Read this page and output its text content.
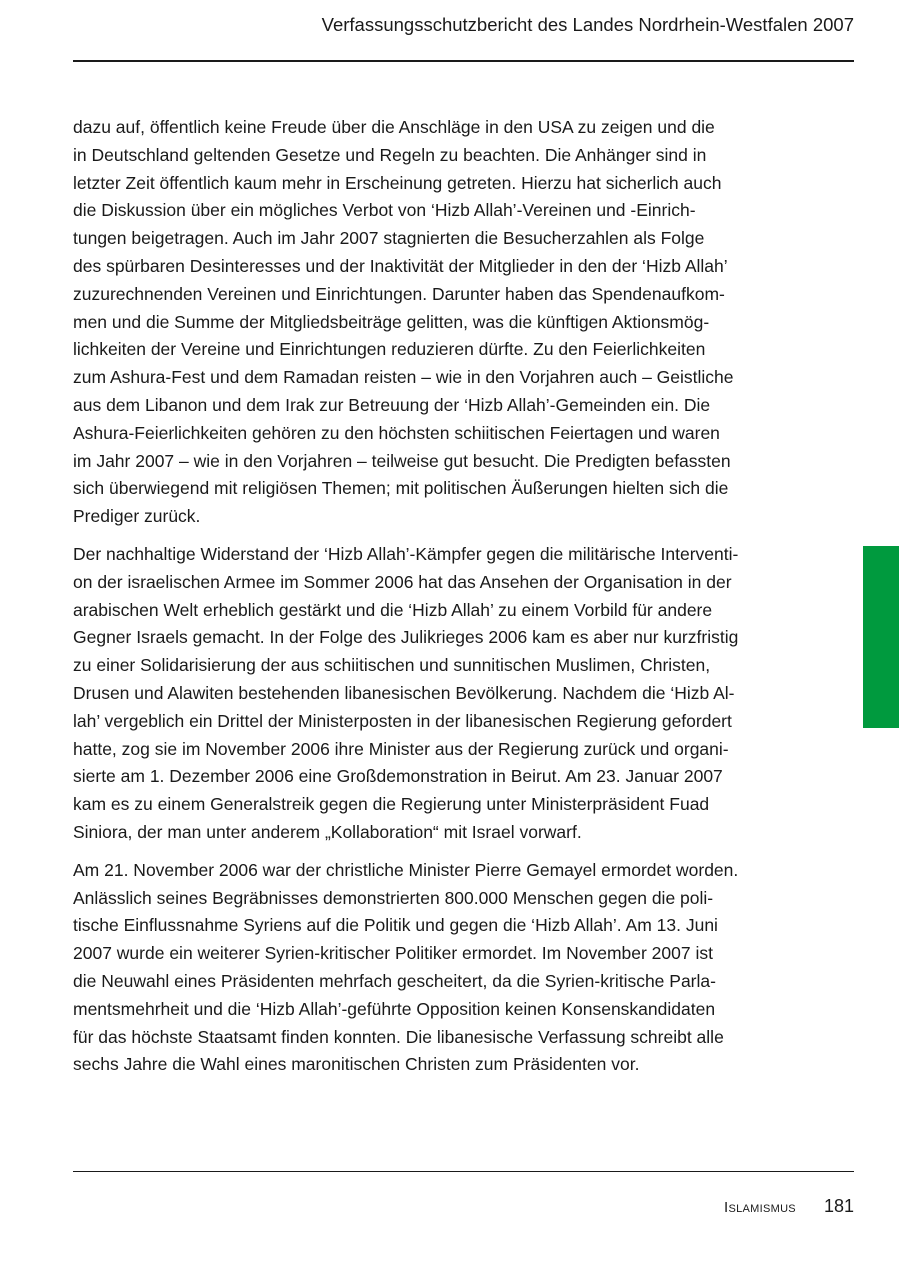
Verfassungsschutzbericht des Landes Nordrhein-Westfalen 2007

dazu auf, öffentlich keine Freude über die Anschläge in den USA zu zeigen und die
in Deutschland geltenden Gesetze und Regeln zu beachten. Die Anhänger sind in
letzter Zeit öffentlich kaum mehr in Erscheinung getreten. Hierzu hat sicherlich auch
die Diskussion über ein mögliches Verbot von ‘Hizb Allah’-Vereinen und -Einrich-
tungen beigetragen. Auch im Jahr 2007 stagnierten die Besucherzahlen als Folge
des spürbaren Desinteresses und der Inaktivität der Mitglieder in den der ‘Hizb Allah’
zuzurechnenden Vereinen und Einrichtungen. Darunter haben das Spendenaufkom-
men und die Summe der Mitgliedsbeiträge gelitten, was die künftigen Aktionsmög-
lichkeiten der Vereine und Einrichtungen reduzieren dürfte. Zu den Feierlichkeiten
zum Ashura-Fest und dem Ramadan reisten – wie in den Vorjahren auch – Geistliche
aus dem Libanon und dem Irak zur Betreuung der ‘Hizb Allah’-Gemeinden ein. Die
Ashura-Feierlichkeiten gehören zu den höchsten schiitischen Feiertagen und waren
im Jahr 2007 – wie in den Vorjahren – teilweise gut besucht. Die Predigten befassten
sich überwiegend mit religiösen Themen; mit politischen Äußerungen hielten sich die
Prediger zurück.

Der nachhaltige Widerstand der ‘Hizb Allah’-Kämpfer gegen die militärische Interventi-
on der israelischen Armee im Sommer 2006 hat das Ansehen der Organisation in der
arabischen Welt erheblich gestärkt und die ‘Hizb Allah’ zu einem Vorbild für andere
Gegner Israels gemacht. In der Folge des Julikrieges 2006 kam es aber nur kurzfristig
zu einer Solidarisierung der aus schiitischen und sunnitischen Muslimen, Christen,
Drusen und Alawiten bestehenden libanesischen Bevölkerung. Nachdem die ‘Hizb Al-
lah’ vergeblich ein Drittel der Ministerposten in der libanesischen Regierung gefordert
hatte, zog sie im November 2006 ihre Minister aus der Regierung zurück und organi-
sierte am 1. Dezember 2006 eine Großdemonstration in Beirut. Am 23. Januar 2007
kam es zu einem Generalstreik gegen die Regierung unter Ministerpräsident Fuad
Siniora, der man unter anderem „Kollaboration“ mit Israel vorwarf.

Am 21. November 2006 war der christliche Minister Pierre Gemayel ermordet worden.
Anlässlich seines Begräbnisses demonstrierten 800.000 Menschen gegen die poli-
tische Einflussnahme Syriens auf die Politik und gegen die ‘Hizb Allah’. Am 13. Juni
2007 wurde ein weiterer Syrien-kritischer Politiker ermordet. Im November 2007 ist
die Neuwahl eines Präsidenten mehrfach gescheitert, da die Syrien-kritische Parla-
mentsmehrheit und die ‘Hizb Allah’-geführte Opposition keinen Konsenskandidaten
für das höchste Staatsamt finden konnten. Die libanesische Verfassung schreibt alle
sechs Jahre die Wahl eines maronitischen Christen zum Präsidenten vor.

Islamismus 181
